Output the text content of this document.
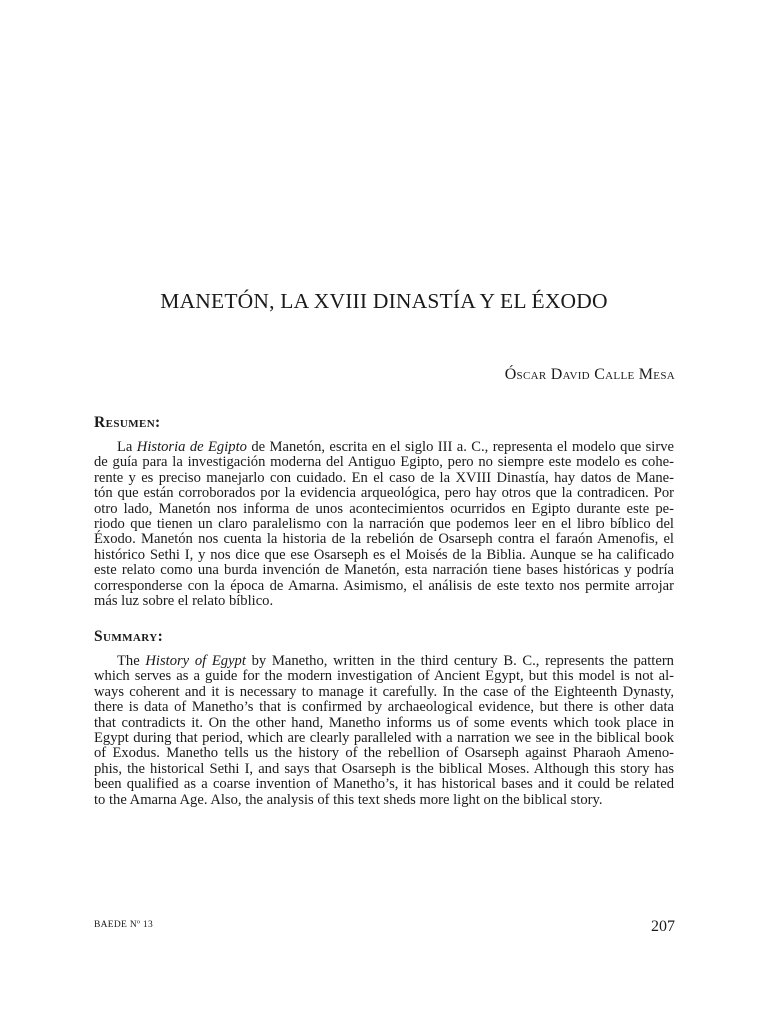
MANETÓN, LA XVIII DINASTÍA Y EL ÉXODO

Óscar David Calle Mesa

Resumen:
La Historia de Egipto de Manetón, escrita en el siglo III a. C., representa el modelo que sirve
de guía para la investigación moderna del Antiguo Egipto, pero no siempre este modelo es cohe-
rente y es preciso manejarlo con cuidado. En el caso de la XVIII Dinastía, hay datos de Mane-
tón que están corroborados por la evidencia arqueológica, pero hay otros que la contradicen. Por
otro lado, Manetón nos informa de unos acontecimientos ocurridos en Egipto durante este pe-
riodo que tienen un claro paralelismo con la narración que podemos leer en el libro bíblico del
Éxodo. Manetón nos cuenta la historia de la rebelión de Osarseph contra el faraón Amenofis, el
histórico Sethi I, y nos dice que ese Osarseph es el Moisés de la Biblia. Aunque se ha calificado
este relato como una burda invención de Manetón, esta narración tiene bases históricas y podría
corresponderse con la época de Amarna. Asimismo, el análisis de este texto nos permite arrojar
más luz sobre el relato bíblico.
Summary:
The History of Egypt by Manetho, written in the third century B. C., represents the pattern
which serves as a guide for the modern investigation of Ancient Egypt, but this model is not al-
ways coherent and it is necessary to manage it carefully. In the case of the Eighteenth Dynasty,
there is data of Manetho’s that is confirmed by archaeological evidence, but there is other data
that contradicts it. On the other hand, Manetho informs us of some events which took place in
Egypt during that period, which are clearly paralleled with a narration we see in the biblical book
of Exodus. Manetho tells us the history of the rebellion of Osarseph against Pharaoh Ameno-
phis, the historical Sethi I, and says that Osarseph is the biblical Moses. Although this story has
been qualified as a coarse invention of Manetho’s, it has historical bases and it could be related
to the Amarna Age. Also, the analysis of this text sheds more light on the biblical story.
BAEDE Nº 13	207
